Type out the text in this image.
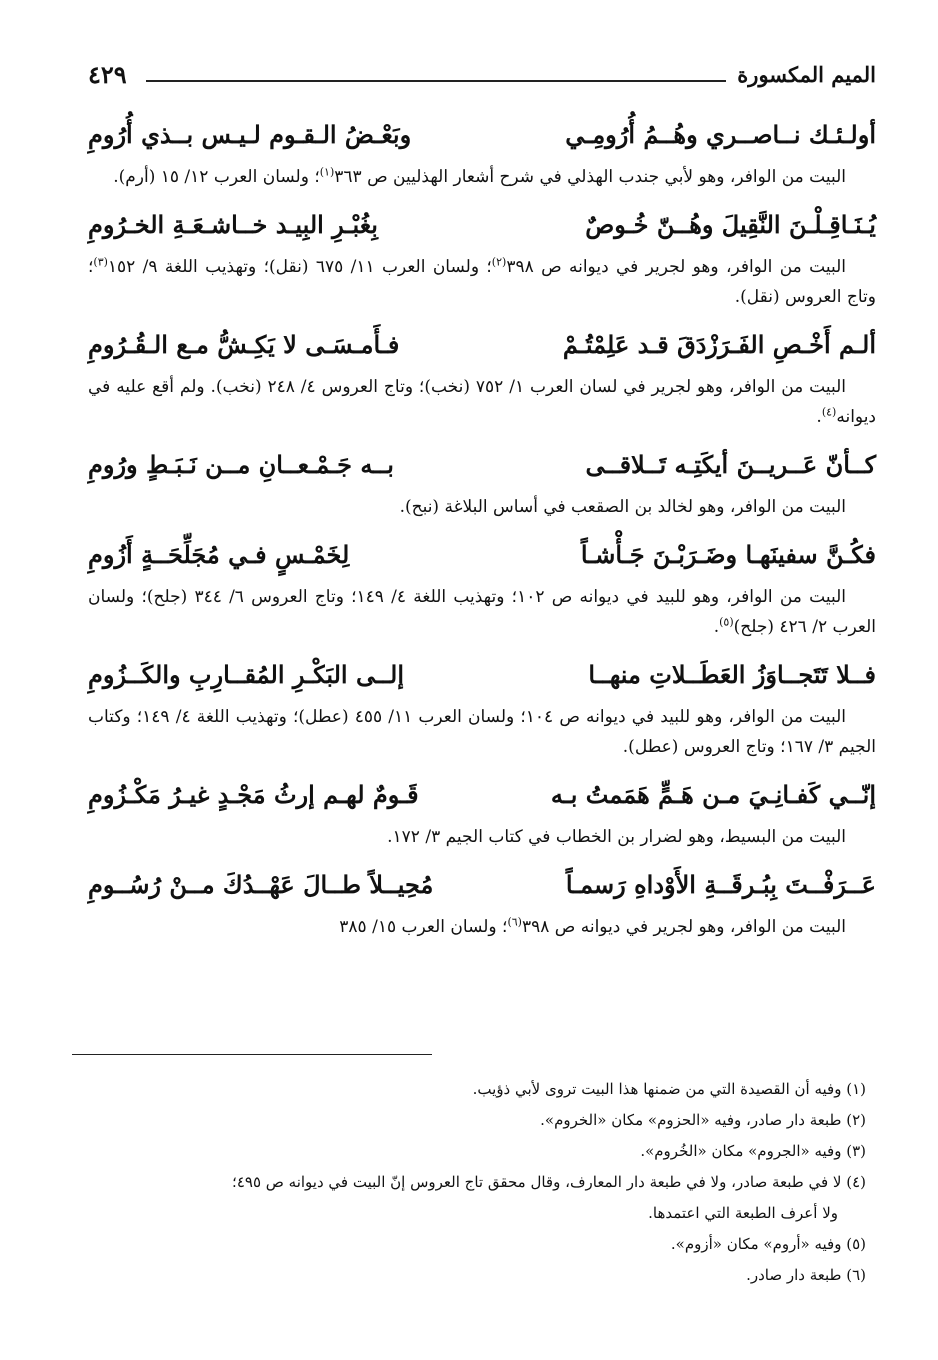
الميم المكسورة
٤٢٩
أولـئـك نــاصــري وهُــمُ أُرُومِـي
وبَعْـضُ الـقـوم لـيـس بــذي أُرُومِ

البيت من الوافر، وهو لأبي جندب الهذلي في شرح أشعار الهذليين ص ٣٦٣$^{(١)}$؛ ولسان العرب ١٢/ ١٥ (أرم).

يُـنَـاقِـلْـنَ النَّقِيلَ وهُــنّ خُـوصٌ
بِغُبْـرِ البِيـد خــاشـعَـةِ الخـرُومِ

البيت من الوافر، وهو لجرير في ديوانه ص ٣٩٨$^{(٢)}$؛ ولسان العرب ١١/ ٦٧٥ (نقل)؛ وتهذيب اللغة ٩/ ١٥٢$^{(٣)}$؛ وتاج العروس (نقل).

ألـم أَخْـصِ الفَـرَزْدَقَ قـد عَلِمْتُـمْ
فـأَمـسَـى لا يَكِـشُّ مـع الـقُـرُومِ

البيت من الوافر، وهو لجرير في لسان العرب ١/ ٧٥٢ (نخب)؛ وتاج العروس ٤/ ٢٤٨ (نخب). ولم أقع عليه في ديوانه$^{(٤)}$.

كــأنّ عَــريــنَ أيكَتِـه تَــلاقــى
بــه جَـمْـعــانِ مــن نَـبَـطٍ ورُومِ

البيت من الوافر، وهو لخالد بن الصقعب في أساس البلاغة (نبح).

فكُـنَّ سفينَهـا وضَـرَبْـنَ جَـأْشـاً
لِخَمْـسٍ فـي مُجَلِّحَــةٍ أَزُومِ

البيت من الوافر، وهو للبيد في ديوانه ص ١٠٢؛ وتهذيب اللغة ٤/ ١٤٩؛ وتاج العروس ٦/ ٣٤٤ (جلح)؛ ولسان العرب ٢/ ٤٢٦ (جلح)$^{(٥)}$.

فــلا تَتَجــاوَزُ العَطَــلاتِ منهــا
إلــى البَكْـرِ المُقــارِبِ والكَــزُومِ

البيت من الوافر، وهو للبيد في ديوانه ص ١٠٤؛ ولسان العرب ١١/ ٤٥٥ (عطل)؛ وتهذيب اللغة ٤/ ١٤٩؛ وكتاب الجيم ٣/ ١٦٧؛ وتاج العروس (عطل).

إنّــي كَفـانِـيَ مـن هَـمٍّ هَمَمتُ بـه
قَـومٌ لهـم إرثُ مَجْـدٍ غيـرُ مَكْـزُومِ

البيت من البسيط، وهو لضرار بن الخطاب في كتاب الجيم ٣/ ١٧٢.

عَــرَفْــتَ بِبُـرقَــةِ الأَوْداهِ رَسمـاً
مُحِيــلاً طــالَ عَهْــدُكَ مــنْ رُسُــومِ

البيت من الوافر، وهو لجرير في ديوانه ص ٣٩٨$^{(٦)}$؛ ولسان العرب ١٥/ ٣٨٥

(١) وفيه أن القصيدة التي من ضمنها هذا البيت تروى لأبي ذؤيب.
(٢) طبعة دار صادر، وفيه «الحزوم» مكان «الخروم».
(٣) وفيه «الجروم» مكان «الخُروم».
(٤) لا في طبعة صادر، ولا في طبعة دار المعارف، وقال محقق تاج العروس إنّ البيت في ديوانه ص ٤٩٥؛
ولا أعرف الطبعة التي اعتمدها.
(٥) وفيه «أروم» مكان «أزوم».
(٦) طبعة دار صادر.
